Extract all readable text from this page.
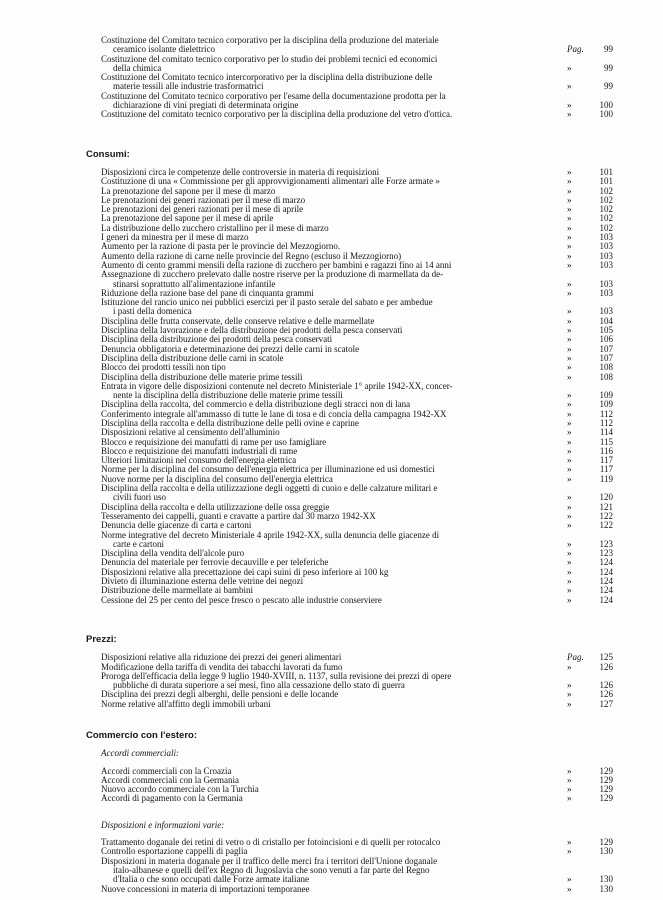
Costituzione del Comitato tecnico corporativo per la disciplina della produzione del materiale
ceramico isolante dielettrico	Pag.	99
Costituzione del comitato tecnico corporativo per lo studio dei problemi tecnici ed economici
della chimica	»	99
Costituzione del Comitato tecnico intercorporativo per la disciplina della distribuzione delle
materie tessili alle industrie trasformatrici	»	99
Costituzione del Comitato tecnico corporativo per l'esame della documentazione prodotta per la
dichiarazione di vini pregiati di determinata origine	»	100
Costituzione del comitato tecnico corporativo per la disciplina della produzione del vetro d'ottica.	»	100
Consumi:
Disposizioni circa le competenze delle controversie in materia di requisizioni	»	101
Costituzione di una « Commissione per gli approvvigionamenti alimentari alle Forze armate »	»	101
La prenotazione del sapone per il mese di marzo	»	102
Le prenotazioni dei generi razionati per il mese di marzo	»	102
Le prenotazioni dei generi razionati per il mese di aprile	»	102
La prenotazione del sapone per il mese di aprile	»	102
La distribuzione dello zucchero cristallino per il mese di marzo	»	102
I generi da minestra per il mese di marzo	»	103
Aumento per la razione di pasta per le provincie del Mezzogiorno.	»	103
Aumento della razione di carne nelle provincie del Regno (escluso il Mezzogiorno)	»	103
Aumento di cento grammi mensili della razione di zucchero per bambini e ragazzi fino ai 14 anni	»	103
Assegnazione di zucchero prelevato dalle nostre riserve per la produzione di marmellata da de-
stinarsi soprattutto all'alimentazione infantile	»	103
Riduzione della razione base del pane di cinquanta grammi	»	103
Istituzione del rancio unico nei pubblici esercizi per il pasto serale del sabato e per ambedue
i pasti della domenica	»	103
Disciplina delle frutta conservate, delle conserve relative e delle marmellate	»	104
Disciplina della lavorazione e della distribuzione dei prodotti della pesca conservati	»	105
Disciplina della distribuzione dei prodotti della pesca conservati	»	106
Denuncia obbligatoria e determinazione dei prezzi delle carni in scatole	»	107
Disciplina della distribuzione delle carni in scatole	»	107
Blocco dei prodotti tessili non tipo	»	108
Disciplina della distribuzione delle materie prime tessili	»	108
Entrata in vigore delle disposizioni contenute nel decreto Ministeriale 1° aprile 1942-XX, concer-
nente la disciplina della distribuzione delle materie prime tessili	»	109
Disciplina della raccolta, del commercio e della distribuzione degli stracci non di lana	»	109
Conferimento integrale all'ammasso di tutte le lane di tosa e di concia della campagna 1942-XX	»	112
Disciplina della raccolta e della distribuzione delle pelli ovine e caprine	»	112
Disposizioni relative al censimento dell'alluminio	»	114
Blocco e requisizione dei manufatti di rame per uso famigliare	»	115
Blocco e requisizione dei manufatti industriali di rame	»	116
Ulteriori limitazioni nel consumo dell'energia elettrica	»	117
Norme per la disciplina del consumo dell'energia elettrica per illuminazione ed usi domestici	»	117
Nuove norme per la disciplina del consumo dell'energia elettrica	»	119
Disciplina della raccolta e della utilizzazione degli oggetti di cuoio e delle calzature militari e
civili fuori uso	»	120
Disciplina della raccolta e della utilizzazione delle ossa greggie	»	121
Tesseramento dei cappelli, guanti e cravatte a partire dal 30 marzo 1942-XX	»	122
Denuncia delle giacenze di carta e cartoni	»	122
Norme integrative del decreto Ministeriale 4 aprile 1942-XX, sulla denuncia delle giacenze di
carte e cartoni	»	123
Disciplina della vendita dell'alcole puro	»	123
Denuncia del materiale per ferrovie decauville e per teleferiche	»	124
Disposizioni relative alla precettazione dei capi suini di peso inferiore ai 100 kg	»	124
Divieto di illuminazione esterna delle vetrine dei negozi	»	124
Distribuzione delle marmellate ai bambini	»	124
Cessione del 25 per cento del pesce fresco o pescato alle industrie conserviere	»	124
Prezzi:
Disposizioni relative alla riduzione dei prezzi dei generi alimentari	Pag.	125
Modificazione della tariffa di vendita dei tabacchi lavorati da fumo	»	126
Proroga dell'efficacia della legge 9 luglio 1940-XVIII, n. 1137, sulla revisione dei prezzi di opere
pubbliche di durata superiore a sei mesi, fino alla cessazione dello stato di guerra	»	126
Disciplina dei prezzi degli alberghi, delle pensioni e delle locande	»	126
Norme relative all'affitto degli immobili urbani	»	127
Commercio con l'estero:
Accordi commerciali:
Accordi commerciali con la Croazia	»	129
Accordi commerciali con la Germania	»	129
Nuovo accordo commerciale con la Turchia	»	129
Accordi di pagamento con la Germania	»	129
Disposizioni e informazioni varie:
Trattamento doganale dei retini di vetro o di cristallo per fotoincisioni e di quelli per rotocalco	»	129
Controllo esportazione cappelli di paglia	»	130
Disposizioni in materia doganale per il traffico delle merci fra i territori dell'Unione doganale
italo-albanese e quelli dell'ex Regno di Jugoslavia che sono venuti a far parte del Regno
d'Italia o che sono occupati dalle Forze armate italiane	»	130
Nuove concessioni in materia di importazioni temporanee	»	130
